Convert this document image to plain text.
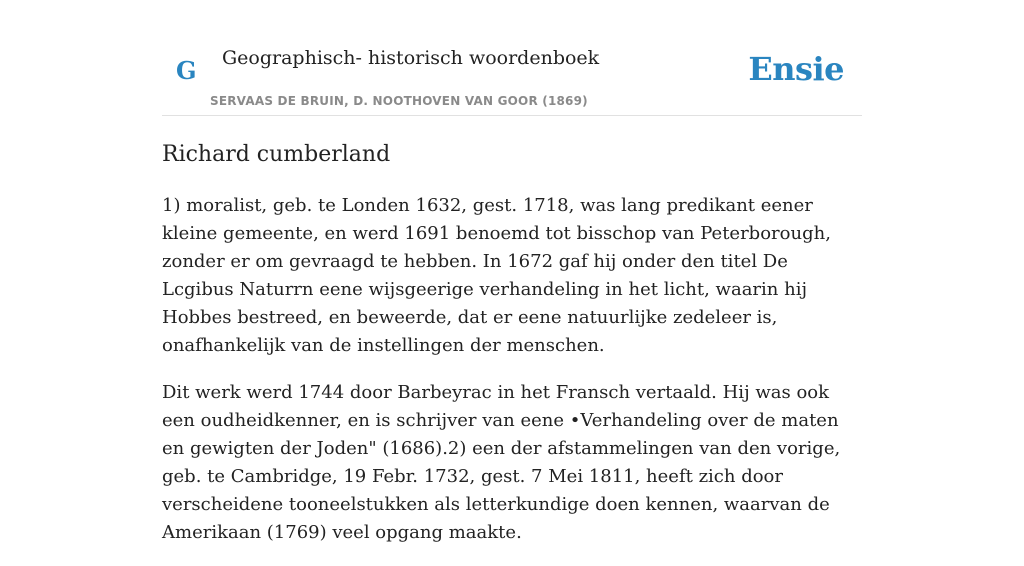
G Geographisch- historisch woordenboek
SERVAAS DE BRUIN, D. NOOTHOVEN VAN GOOR (1869)
Ensie
Richard cumberland

1) moralist, geb. te Londen 1632, gest. 1718, was lang predikant eener kleine gemeente, en werd 1691 benoemd tot bisschop van Peterborough, zonder er om gevraagd te hebben. In 1672 gaf hij onder den titel De Lcgibus Naturrn eene wijsgeerige verhandeling in het licht, waarin hij Hobbes bestreed, en beweerde, dat er eene natuurlijke zedeleer is, onafhankelijk van de instellingen der menschen.

Dit werk werd 1744 door Barbeyrac in het Fransch vertaald. Hij was ook een oudheidkenner, en is schrijver van eene •Verhandeling over de maten en gewigten der Joden" (1686).2) een der afstammelingen van den vorige, geb. te Cambridge, 19 Febr. 1732, gest. 7 Mei 1811, heeft zich door verscheidene tooneelstukken als letterkundige doen kennen, waarvan de Amerikaan (1769) veel opgang maakte.
